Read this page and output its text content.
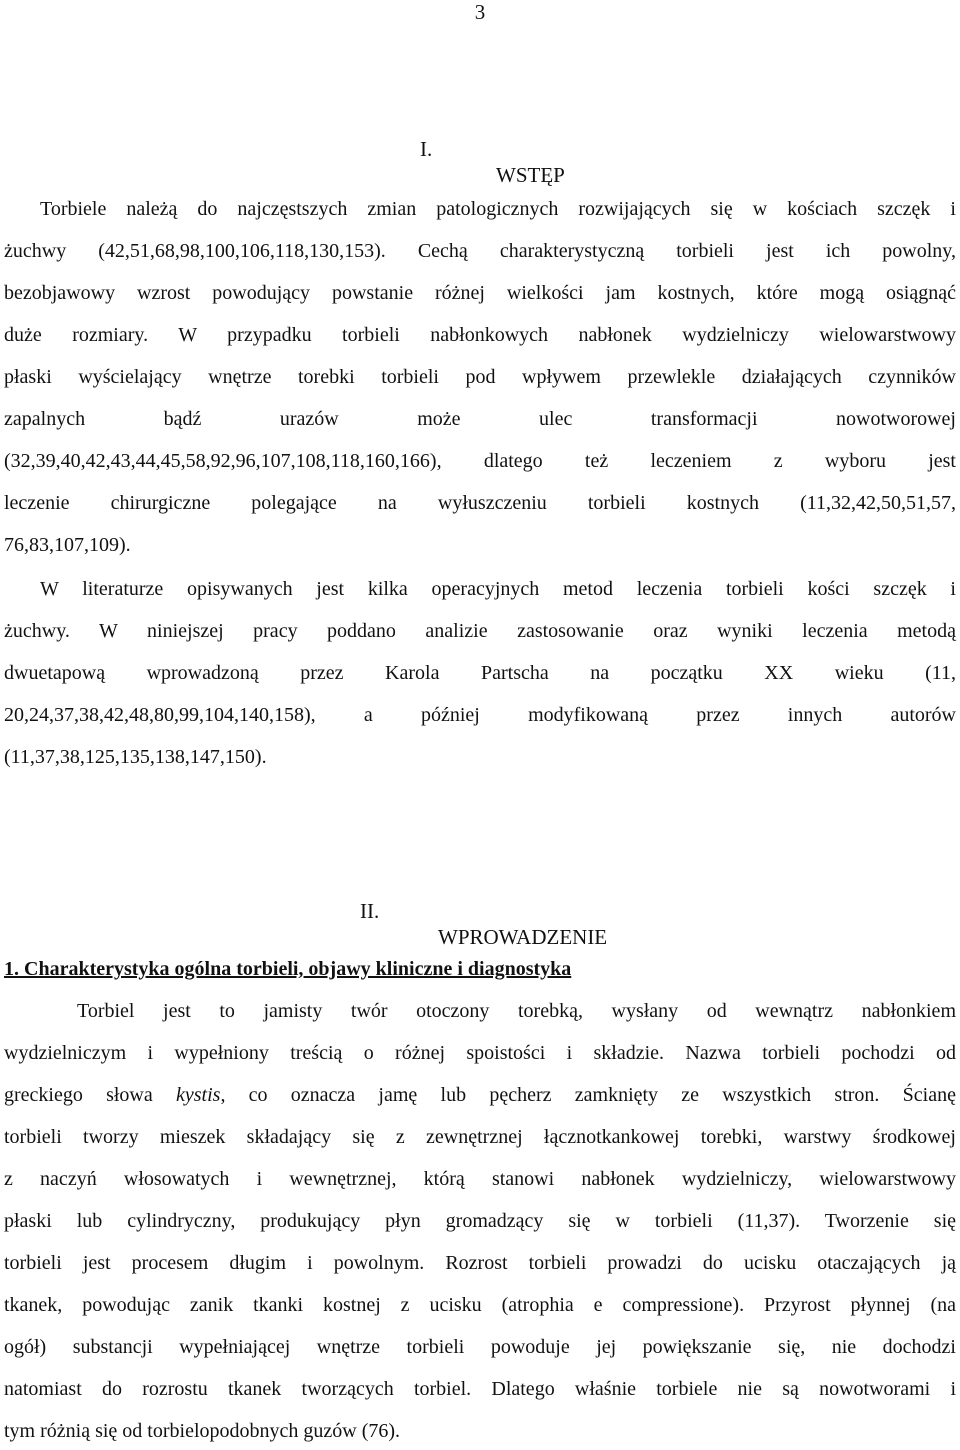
3

I.

WSTĘP

Torbiele należą do najczęstszych zmian patologicznych rozwijających się w kościach szczęk i
żuchwy (42,51,68,98,100,106,118,130,153). Cechą charakterystyczną torbieli jest ich powolny,
bezobjawowy wzrost powodujący powstanie różnej wielkości jam kostnych, które mogą osiągnąć
duże rozmiary. W przypadku torbieli nabłonkowych nabłonek wydzielniczy wielowarstwowy
płaski wyścielający wnętrze torebki torbieli pod wpływem przewlekle działających czynników
zapalnych bądź urazów może ulec transformacji nowotworowej
(32,39,40,42,43,44,45,58,92,96,107,108,118,160,166), dlatego też leczeniem z wyboru jest
leczenie chirurgiczne polegające na wyłuszczeniu torbieli kostnych (11,32,42,50,51,57,
76,83,107,109).
W literaturze opisywanych jest kilka operacyjnych metod leczenia torbieli kości szczęk i
żuchwy. W niniejszej pracy poddano analizie zastosowanie oraz wyniki leczenia metodą
dwuetapową wprowadzoną przez Karola Partscha na początku XX wieku (11,
20,24,37,38,42,48,80,99,104,140,158), a później modyfikowaną przez innych autorów
(11,37,38,125,135,138,147,150).

II.

WPROWADZENIE

1. Charakterystyka ogólna torbieli, objawy kliniczne i diagnostyka
Torbiel jest to jamisty twór otoczony torebką, wysłany od wewnątrz nabłonkiem
wydzielniczym i wypełniony treścią o różnej spoistości i składzie. Nazwa torbieli pochodzi od
greckiego słowa kystis, co oznacza jamę lub pęcherz zamknięty ze wszystkich stron. Ścianę
torbieli tworzy mieszek składający się z zewnętrznej łącznotkankowej torebki, warstwy środkowej
z naczyń włosowatych i wewnętrznej, którą stanowi nabłonek wydzielniczy, wielowarstwowy
płaski lub cylindryczny, produkujący płyn gromadzący się w torbieli (11,37). Tworzenie się
torbieli jest procesem długim i powolnym. Rozrost torbieli prowadzi do ucisku otaczających ją
tkanek, powodując zanik tkanki kostnej z ucisku (atrophia e compressione). Przyrost płynnej (na
ogół) substancji wypełniającej wnętrze torbieli powoduje jej powiększanie się, nie dochodzi
natomiast do rozrostu tkanek tworzących torbiel. Dlatego właśnie torbiele nie są nowotworami i
tym różnią się od torbielopodobnych guzów (76).
